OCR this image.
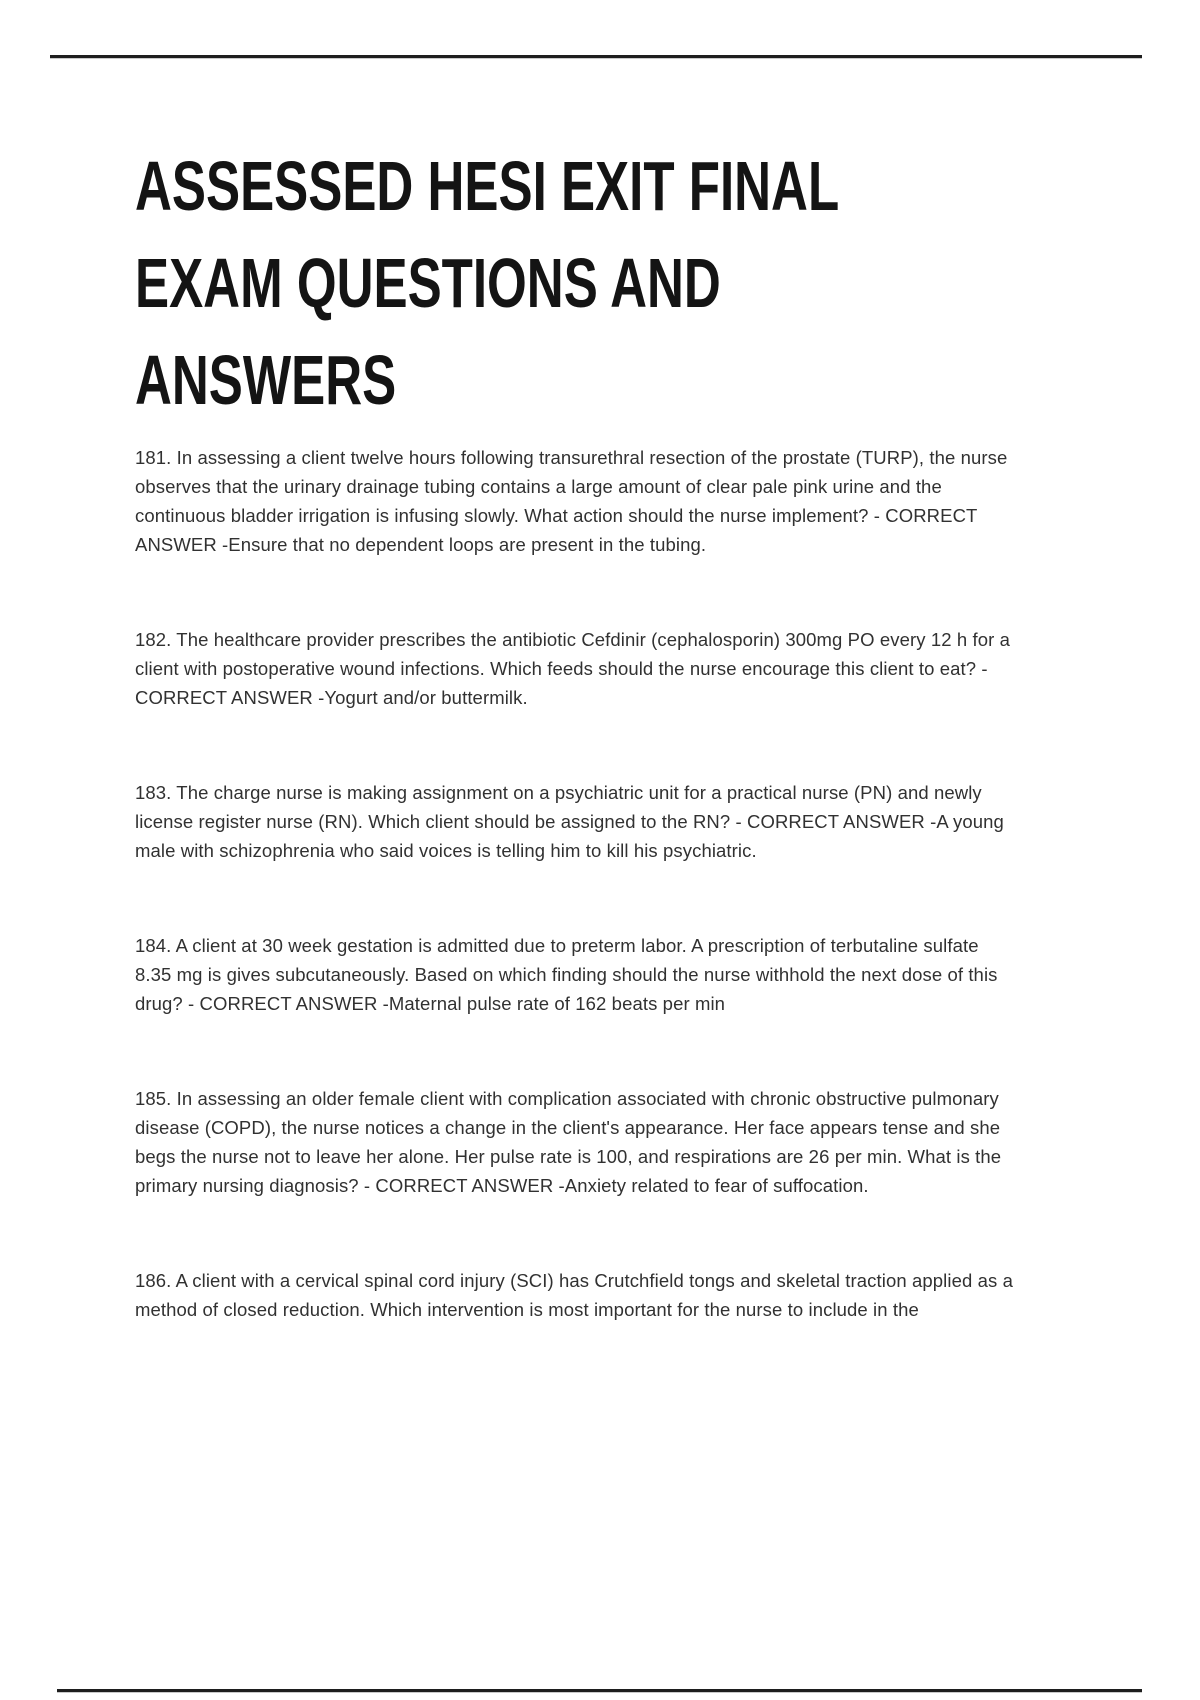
ASSESSED HESI EXIT FINAL
EXAM QUESTIONS AND
ANSWERS

181. In assessing a client twelve hours following transurethral resection of the prostate (TURP), the nurse observes that the urinary drainage tubing contains a large amount of clear pale pink urine and the continuous bladder irrigation is infusing slowly. What action should the nurse implement? - CORRECT ANSWER -Ensure that no dependent loops are present in the tubing.

182. The healthcare provider prescribes the antibiotic Cefdinir (cephalosporin) 300mg PO every 12 h for a client with postoperative wound infections. Which feeds should the nurse encourage this client to eat? - CORRECT ANSWER -Yogurt and/or buttermilk.

183. The charge nurse is making assignment on a psychiatric unit for a practical nurse (PN) and newly license register nurse (RN). Which client should be assigned to the RN? - CORRECT ANSWER -A young male with schizophrenia who said voices is telling him to kill his psychiatric.

184. A client at 30 week gestation is admitted due to preterm labor. A prescription of terbutaline sulfate 8.35 mg is gives subcutaneously. Based on which finding should the nurse withhold the next dose of this drug? - CORRECT ANSWER -Maternal pulse rate of 162 beats per min

185. In assessing an older female client with complication associated with chronic obstructive pulmonary disease (COPD), the nurse notices a change in the client's appearance. Her face appears tense and she begs the nurse not to leave her alone. Her pulse rate is 100, and respirations are 26 per min. What is the primary nursing diagnosis? - CORRECT ANSWER -Anxiety related to fear of suffocation.

186. A client with a cervical spinal cord injury (SCI) has Crutchfield tongs and skeletal traction applied as a method of closed reduction. Which intervention is most important for the nurse to include in the
